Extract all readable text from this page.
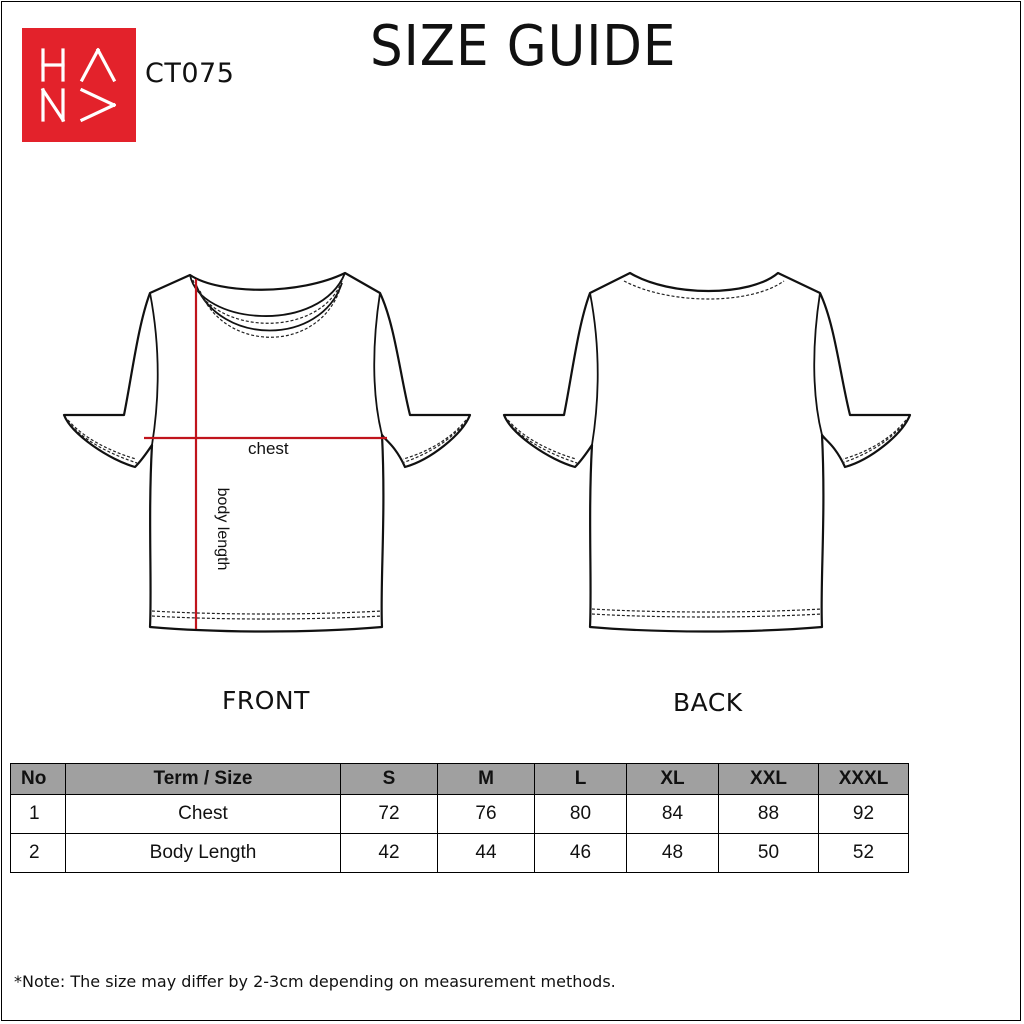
CT075 SIZE GUIDE
chest
body length
FRONT	BACK
No	Term / Size	S	M	L	XL	XXL	XXXL
1	Chest	72	76	80	84	88	92
2	Body Length	42	44	46	48	50	52
*Note: The size may differ by 2-3cm depending on measurement methods.
